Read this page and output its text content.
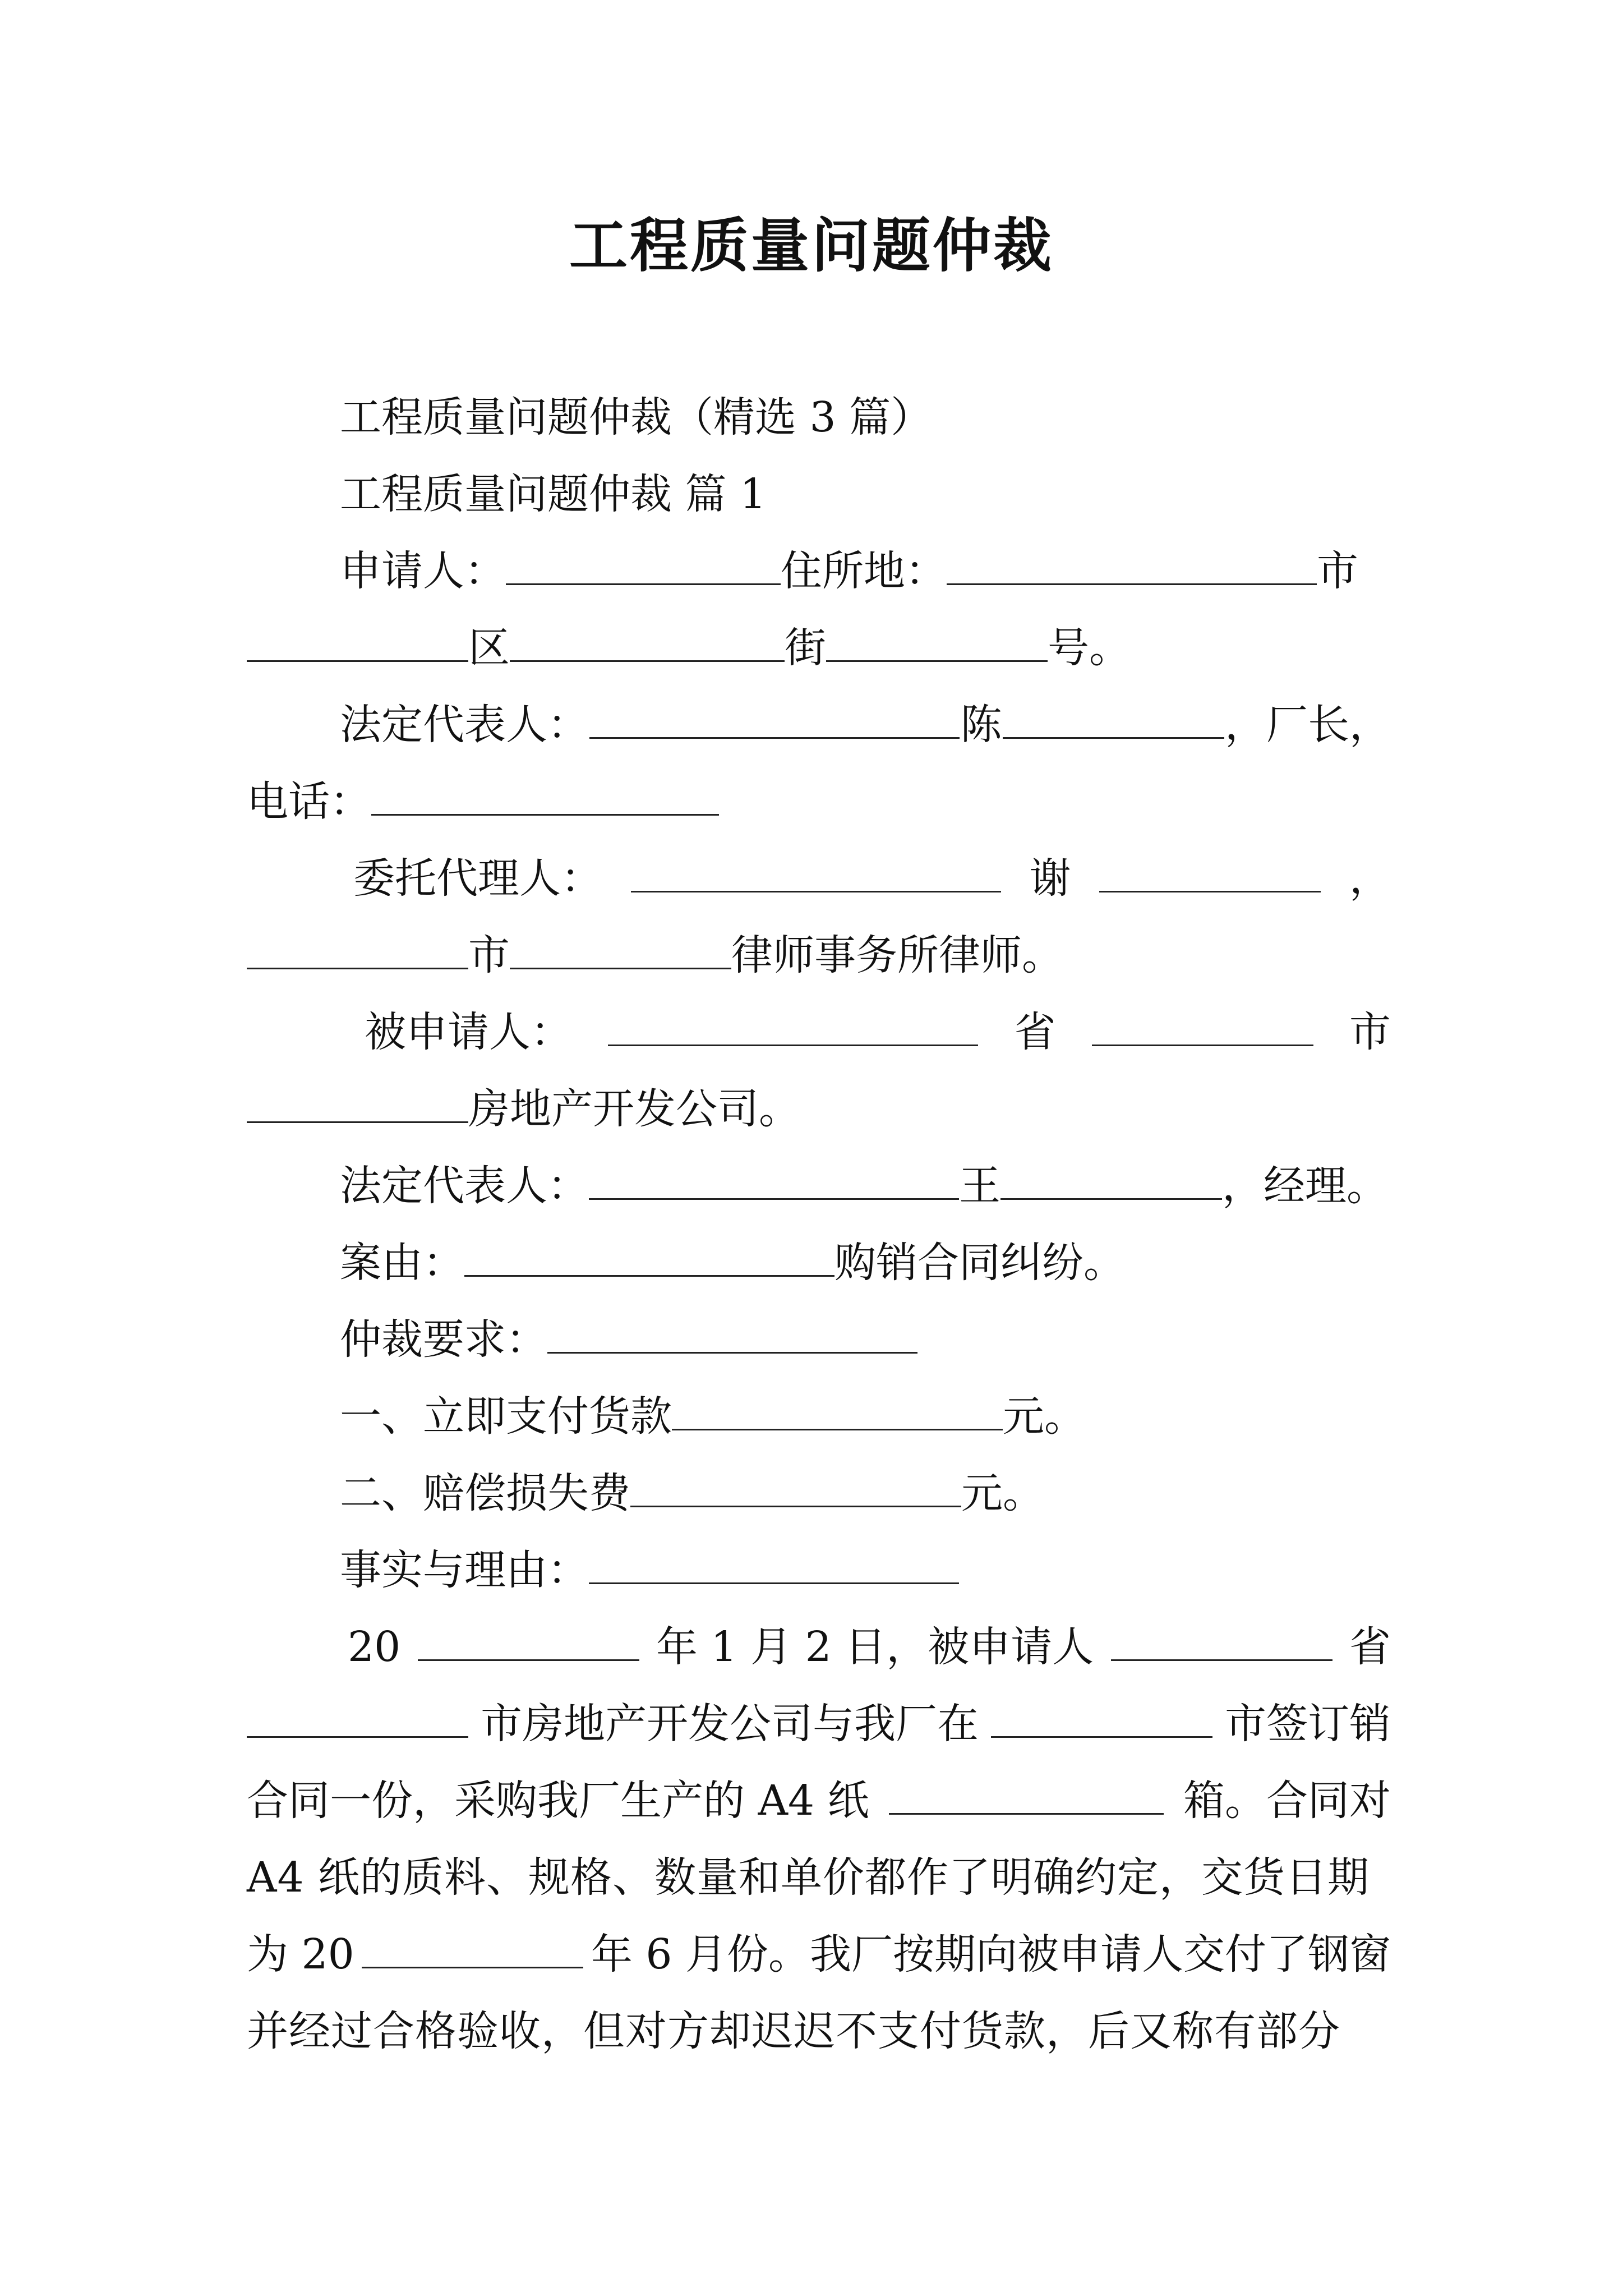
工程质量问题仲裁
工程质量问题仲裁（精选 3 篇）
工程质量问题仲裁 篇 1
申请人：	住所地：	市
区	街	号。
法定代表人：	陈	，厂长，
电话：
委托代理人：	谢	，
市	律师事务所律师。
被申请人：	省	市
房地产开发公司。
法定代表人：	王	，经理。
案由：	购销合同纠纷。
仲裁要求：
一、立即支付货款	元。
二、赔偿损失费	元。
事实与理由：
20	年 1 月 2 日，被申请人	省
市房地产开发公司与我厂在	市签订销
合同一份，采购我厂生产的 A4 纸	箱。合同对
A4 纸的质料、规格、数量和单价都作了明确约定，交货日期
为 20	年 6 月份。我厂按期向被申请人交付了钢窗
并经过合格验收，但对方却迟迟不支付货款，后又称有部分
